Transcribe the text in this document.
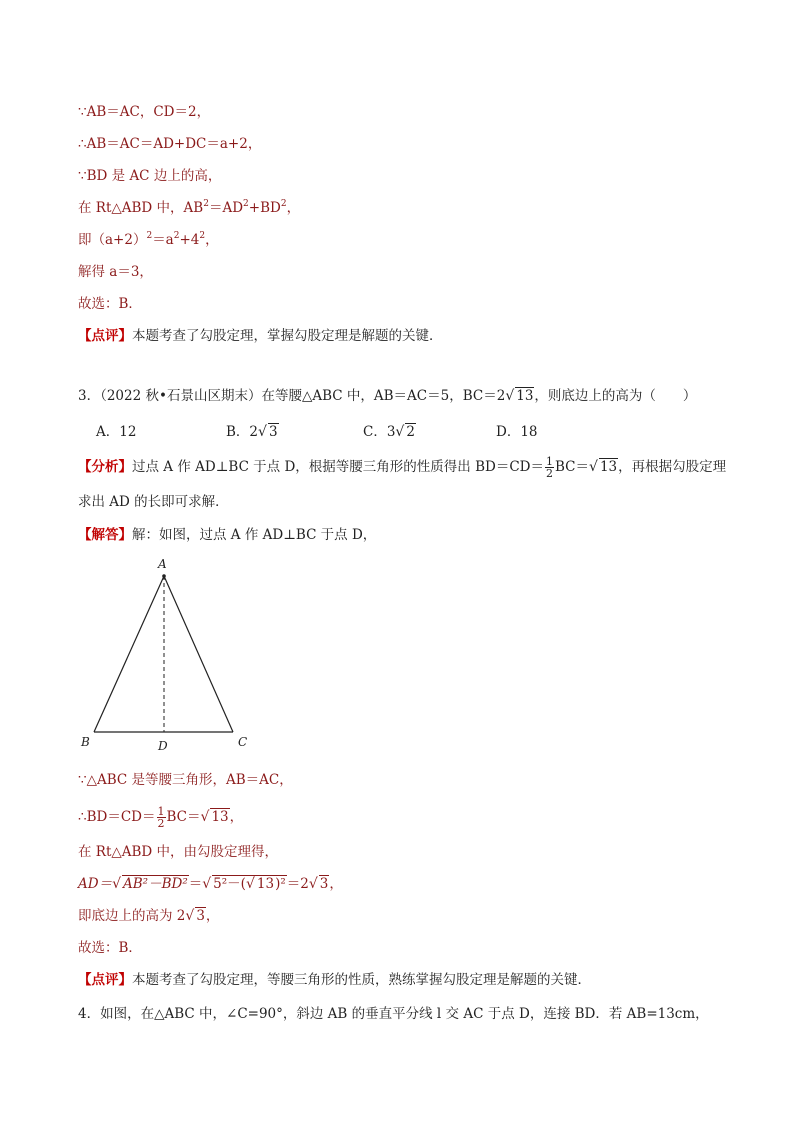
∵AB＝AC，CD＝2，
∴AB＝AC＝AD+DC＝a+2，
∵BD 是 AC 边上的高，
在 Rt△ABD 中，$AB^2=AD^2+BD^2$，
即$(a+2)^2=a^2+4^2$，
解得 a＝3，
故选：B．
【点评】本题考查了勾股定理，掌握勾股定理是解题的关键．
3．（2022 秋•石景山区期末）在等腰△ABC 中，AB＝AC＝5，BC＝2√ 13，则底边上的高为（　　）
A．12	B．2√ 3	C．3√ 2	D．18
【分析】过点 A 作 AD⊥BC 于点 D，根据等腰三角形的性质得出 $BD=CD= \frac{1}{2} BC=√$ 13，再根据勾股定理
求出 AD 的长即可求解．
【解答】解：如图，过点 A 作 AD⊥BC 于点 D，
A
B	C
D
∵△ABC 是等腰三角形，AB＝AC，
∴BD＝CD＝ $\frac{1}{2} BC=√$ 13，
在 Rt△ABD 中，由勾股定理得，
AD＝√ AB²－BD²＝√ 5²－(√ 13)²＝2√ 3，
即底边上的高为 2√ 3，
故选：B．
【点评】本题考查了勾股定理，等腰三角形的性质，熟练掌握勾股定理是解题的关键．
4．如图，在△ABC 中，∠C=90°，斜边 AB 的垂直平分线 l 交 AC 于点 D，连接 BD．若 AB=13cm，
